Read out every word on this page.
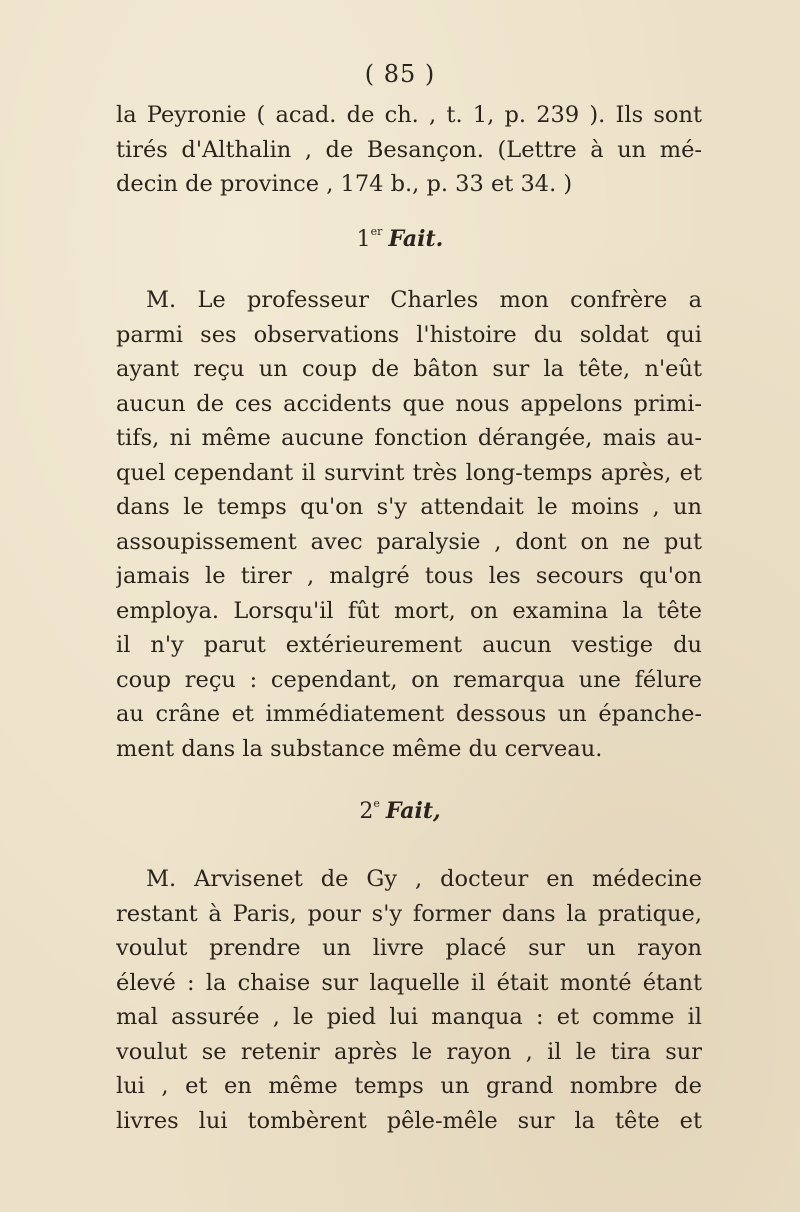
( 85 )
la Peyronie ( acad. de ch. , t. 1, p. 239 ). Ils sont
tirés d'Althalin , de Besançon. (Lettre à un mé-
decin de province , 174 b., p. 33 et 34. )
1er Fait.
M. Le professeur Charles mon confrère a
parmi ses observations l'histoire du soldat qui
ayant reçu un coup de bâton sur la tête, n'eût
aucun de ces accidents que nous appelons primi-
tifs, ni même aucune fonction dérangée, mais au-
quel cependant il survint très long-temps après, et
dans le temps qu'on s'y attendait le moins , un
assoupissement avec paralysie , dont on ne put
jamais le tirer , malgré tous les secours qu'on
employa. Lorsqu'il fût mort, on examina la tête
il n'y parut extérieurement aucun vestige du
coup reçu : cependant, on remarqua une félure
au crâne et immédiatement dessous un épanche-
ment dans la substance même du cerveau.
2e Fait,
M. Arvisenet de Gy , docteur en médecine
restant à Paris, pour s'y former dans la pratique,
voulut prendre un livre placé sur un rayon
élevé : la chaise sur laquelle il était monté étant
mal assurée , le pied lui manqua : et comme il
voulut se retenir après le rayon , il le tira sur
lui , et en même temps un grand nombre de
livres lui tombèrent pêle-mêle sur la tête et
